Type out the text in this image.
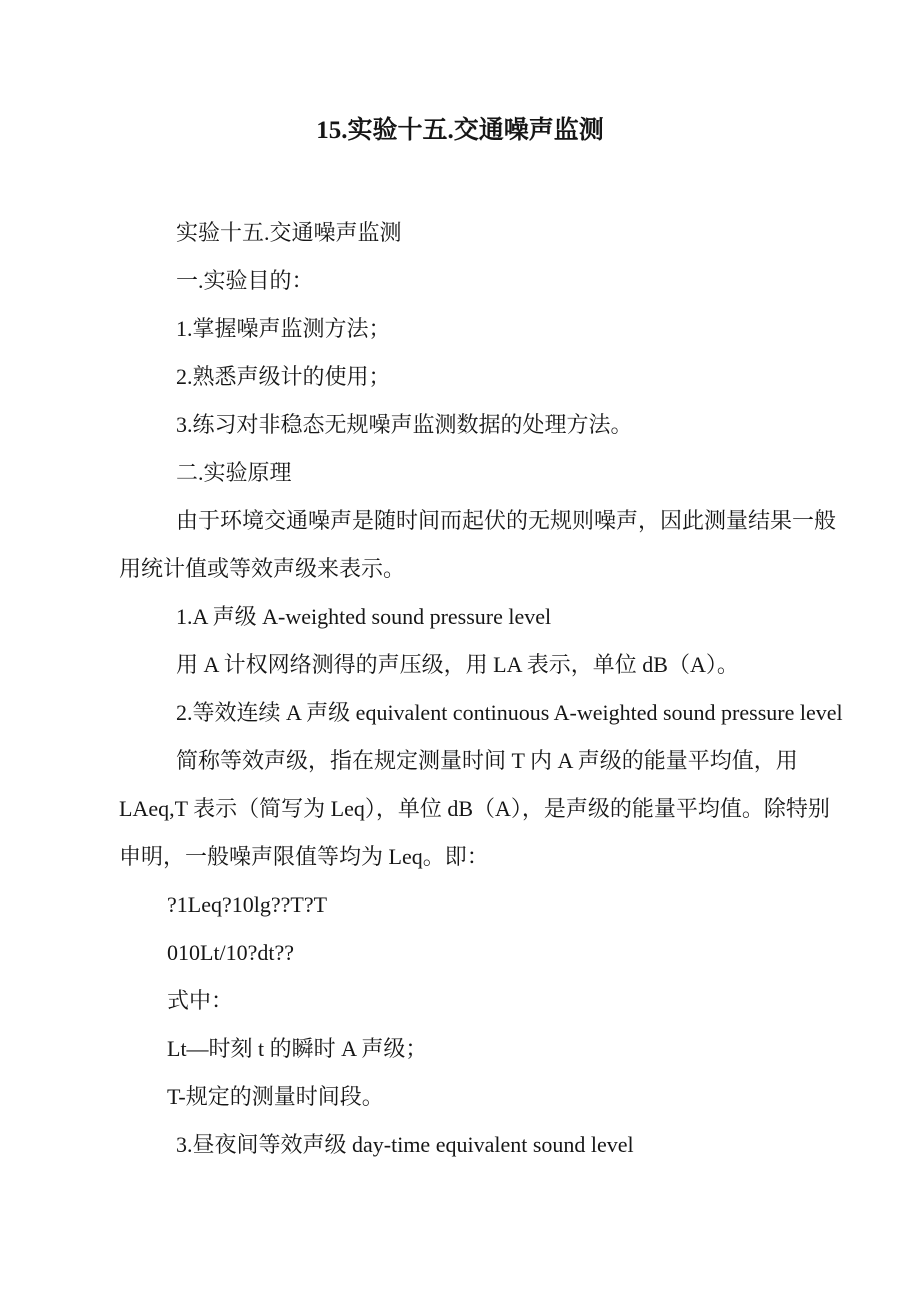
15.实验十五.交通噪声监测
实验十五.交通噪声监测
一.实验目的：
1.掌握噪声监测方法；
2.熟悉声级计的使用；
3.练习对非稳态无规噪声监测数据的处理方法。
二.实验原理
由于环境交通噪声是随时间而起伏的无规则噪声，因此测量结果一般
用统计值或等效声级来表示。
1.A 声级 A-weighted sound pressure level
用 A 计权网络测得的声压级，用 LA 表示，单位 dB（A）。
2.等效连续 A 声级 equivalent continuous A-weighted sound pressure level
简称等效声级，指在规定测量时间 T 内 A 声级的能量平均值，用
LAeq,T 表示（简写为 Leq），单位 dB（A），是声级的能量平均值。除特别
申明，一般噪声限值等均为 Leq。即：
?1Leq?10lg??T?T
010Lt/10?dt??
式中：
Lt—时刻 t 的瞬时 A 声级；
T-规定的测量时间段。
3.昼夜间等效声级 day-time equivalent sound level
